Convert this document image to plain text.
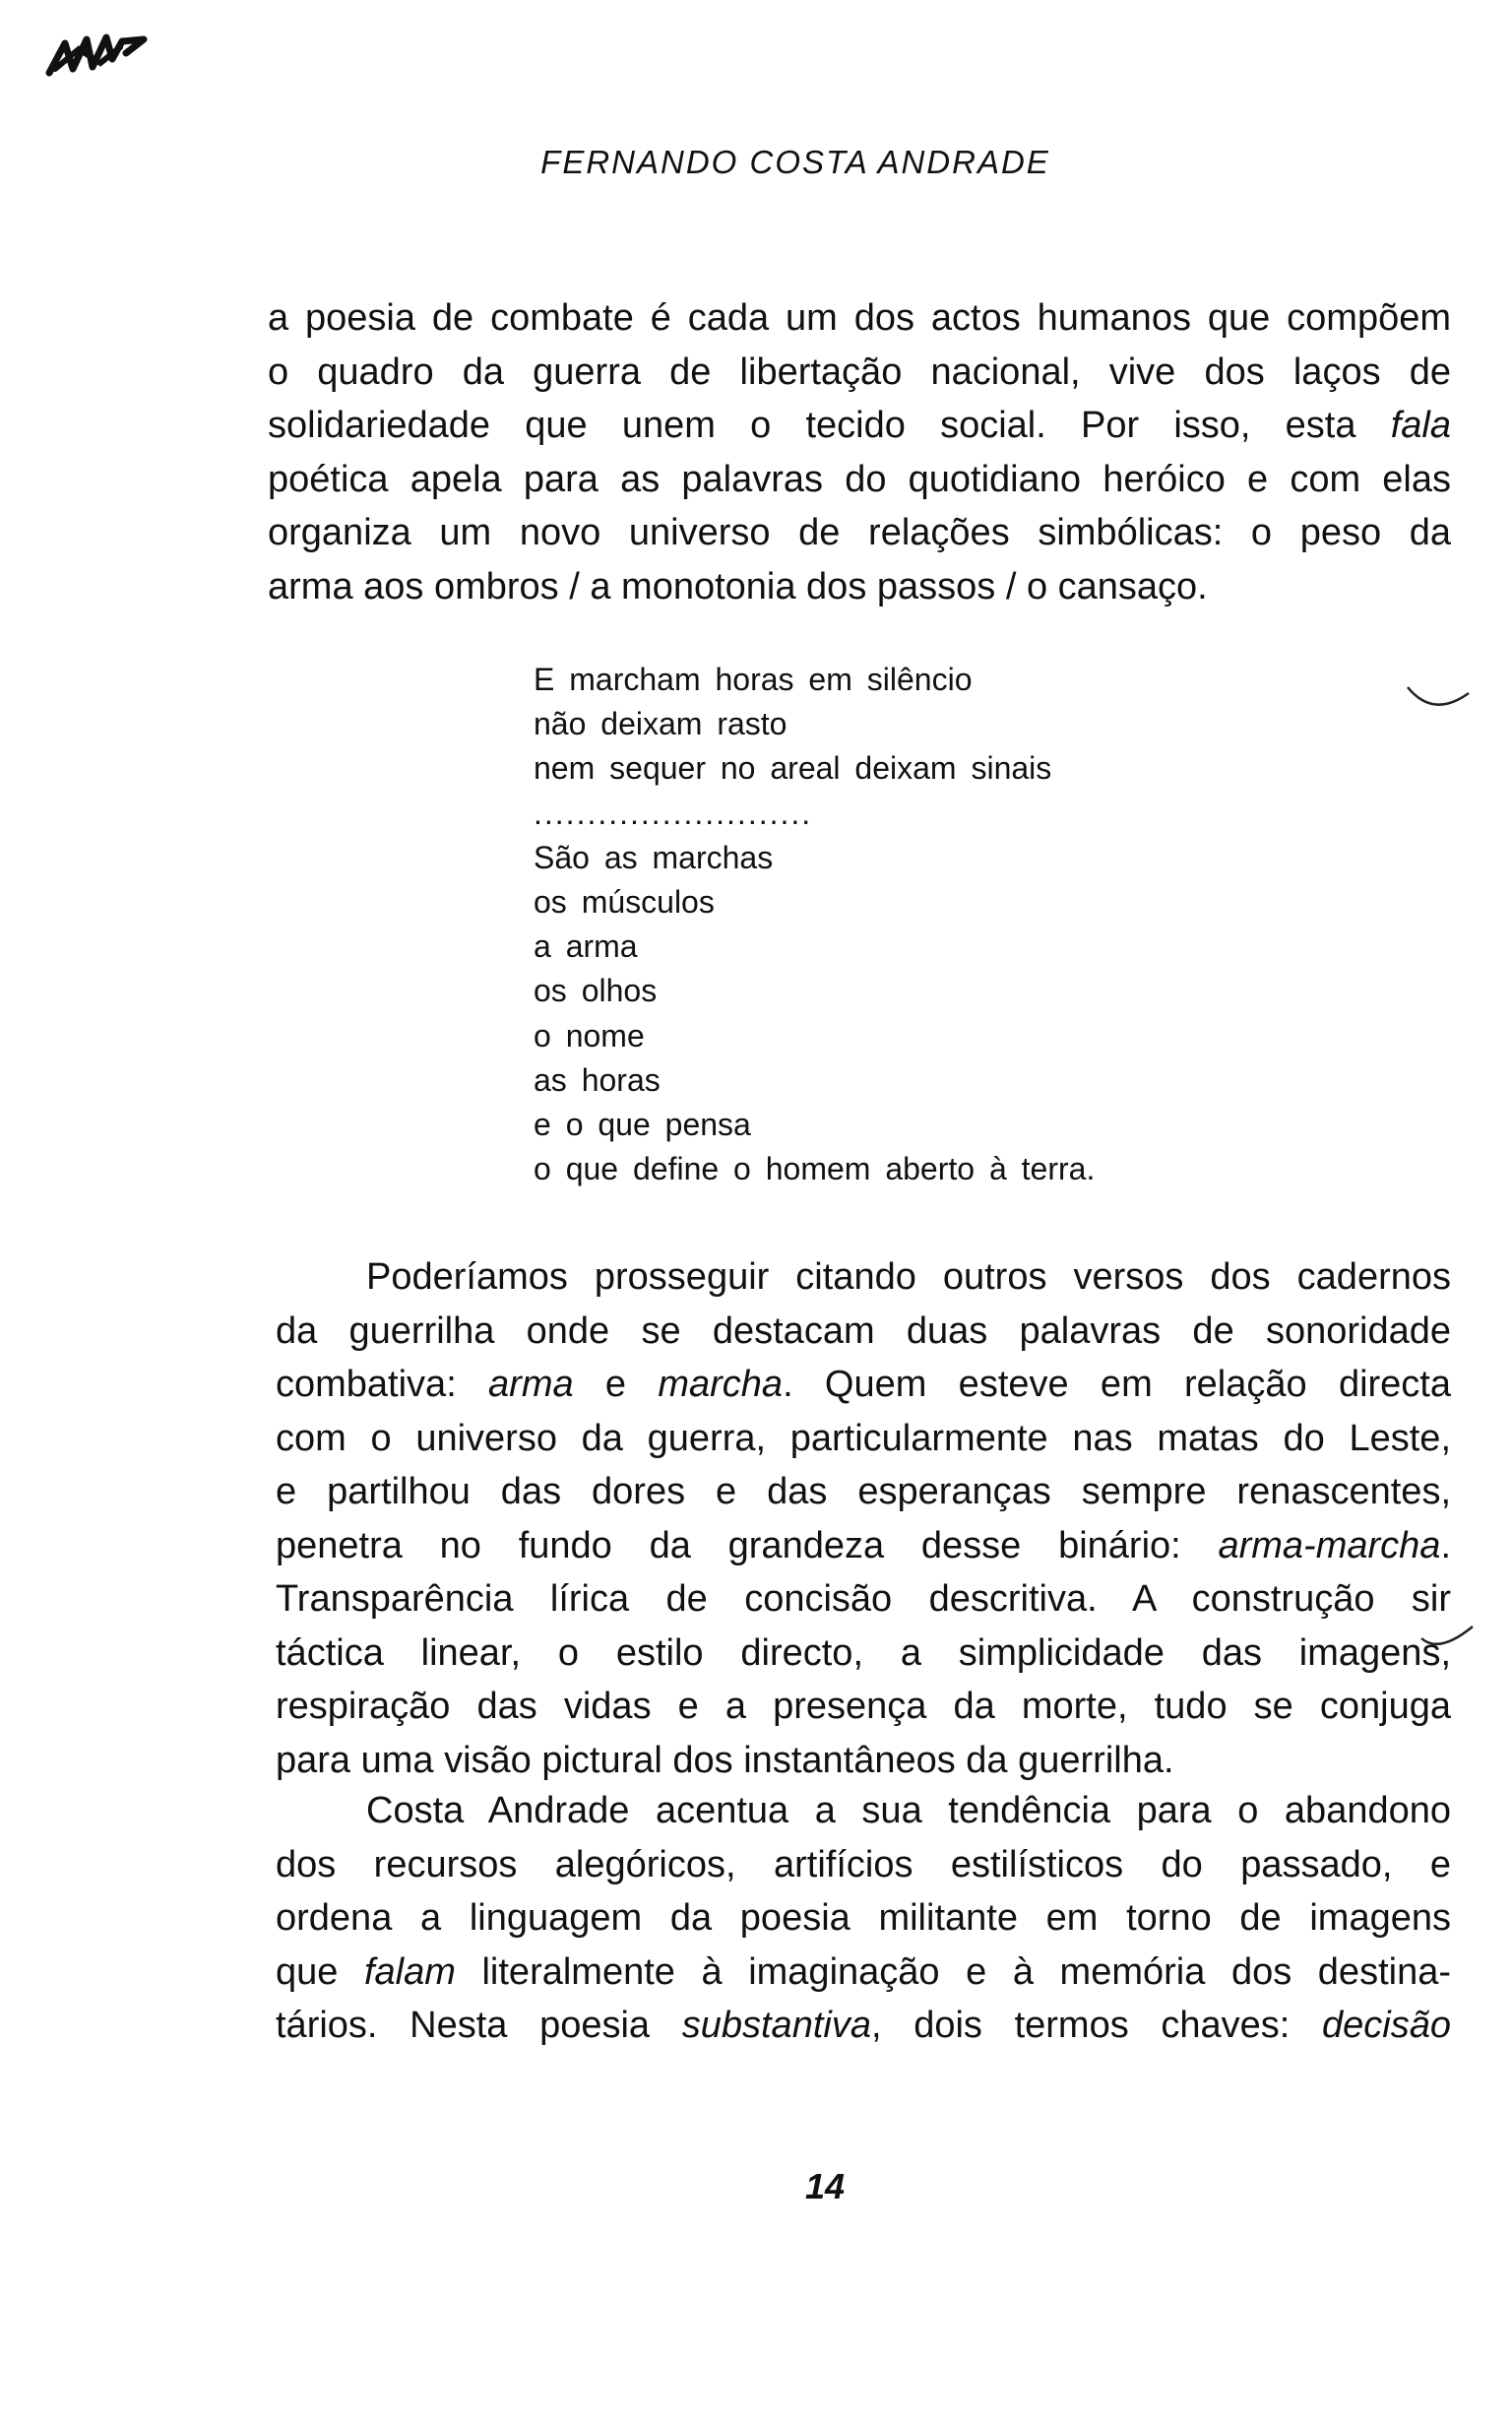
FERNANDO COSTA ANDRADE

a poesia de combate é cada um dos actos humanos que compõem
o quadro da guerra de libertação nacional, vive dos laços de
solidariedade que unem o tecido social. Por isso, esta fala
poética apela para as palavras do quotidiano heróico e com elas
organiza um novo universo de relações simbólicas: o peso da
arma aos ombros / a monotonia dos passos / o cansaço.

E marcham horas em silêncio
não deixam rasto
nem sequer no areal deixam sinais
..........................
São as marchas
os músculos
a arma
os olhos
o nome
as horas
e o que pensa
o que define o homem aberto à terra.

Poderíamos prosseguir citando outros versos dos cadernos
da guerrilha onde se destacam duas palavras de sonoridade
combativa: arma e marcha. Quem esteve em relação directa
com o universo da guerra, particularmente nas matas do Leste,
e partilhou das dores e das esperanças sempre renascentes,
penetra no fundo da grandeza desse binário: arma-marcha.
Transparência lírica de concisão descritiva. A construção sir
táctica linear, o estilo directo, a simplicidade das imagens,
respiração das vidas e a presença da morte, tudo se conjuga
para uma visão pictural dos instantâneos da guerrilha.

Costa Andrade acentua a sua tendência para o abandono
dos recursos alegóricos, artifícios estilísticos do passado, e
ordena a linguagem da poesia militante em torno de imagens
que falam literalmente à imaginação e à memória dos destina-
tários. Nesta poesia substantiva, dois termos chaves: decisão

14
